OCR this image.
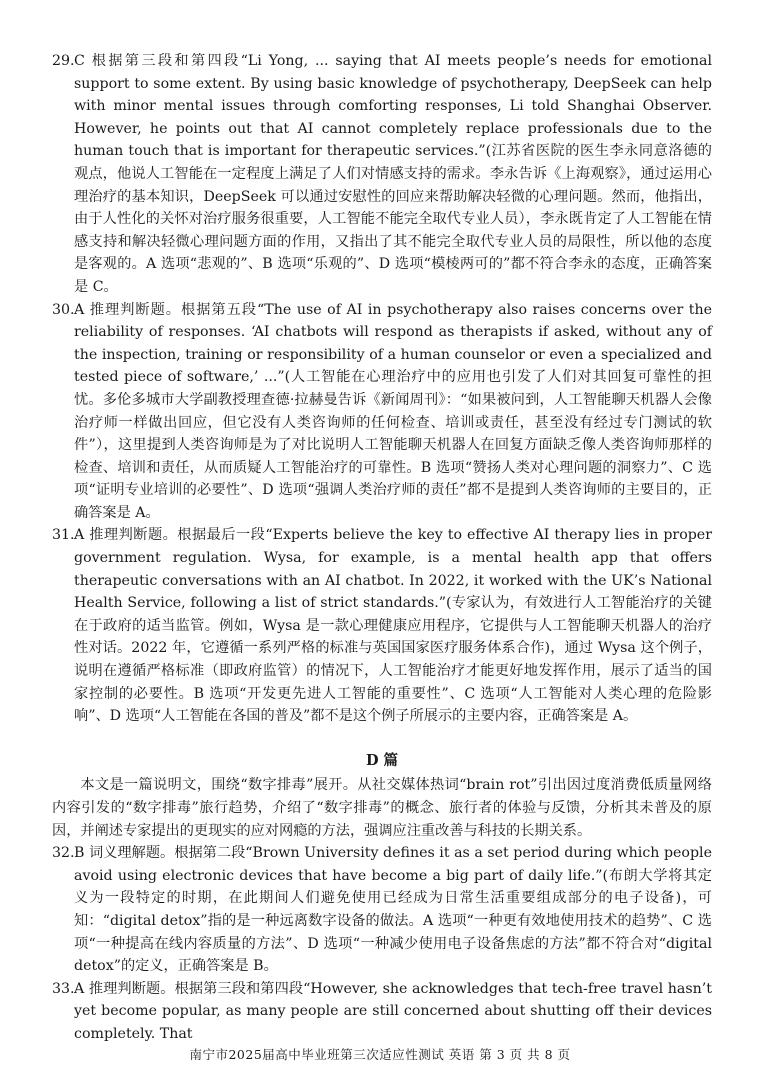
29. C 根据第三段和第四段“Li Yong, ... saying that AI meets people’s needs for emotional support to some extent. By using basic knowledge of psychotherapy, DeepSeek can help with minor mental issues through comforting responses, Li told Shanghai Observer. However, he points out that AI cannot completely replace professionals due to the human touch that is important for therapeutic services.”(江苏省医院的医生李永同意洛德的观点，他说人工智能在一定程度上满足了人们对情感支持的需求。李永告诉《上海观察》，通过运用心理治疗的基本知识，DeepSeek 可以通过安慰性的回应来帮助解决轻微的心理问题。然而，他指出，由于人性化的关怀对治疗服务很重要，人工智能不能完全取代专业人员），李永既肯定了人工智能在情感支持和解决轻微心理问题方面的作用，又指出了其不能完全取代专业人员的局限性，所以他的态度是客观的。A 选项“悲观的”、B 选项“乐观的”、D 选项“模棱两可的”都不符合李永的态度，正确答案是 C。
30. A 推理判断题。根据第五段“The use of AI in psychotherapy also raises concerns over the reliability of responses. ‘AI chatbots will respond as therapists if asked, without any of the inspection, training or responsibility of a human counselor or even a specialized and tested piece of software,’ ...”(人工智能在心理治疗中的应用也引发了人们对其回复可靠性的担忧。多伦多城市大学副教授理查德·拉赫曼告诉《新闻周刊》：“如果被问到，人工智能聊天机器人会像治疗师一样做出回应，但它没有人类咨询师的任何检查、培训或责任，甚至没有经过专门测试的软件”），这里提到人类咨询师是为了对比说明人工智能聊天机器人在回复方面缺乏像人类咨询师那样的检查、培训和责任，从而质疑人工智能治疗的可靠性。B 选项“赞扬人类对心理问题的洞察力”、C 选项“证明专业培训的必要性”、D 选项“强调人类治疗师的责任”都不是提到人类咨询师的主要目的，正确答案是 A。
31. A 推理判断题。根据最后一段“Experts believe the key to effective AI therapy lies in proper government regulation. Wysa, for example, is a mental health app that offers therapeutic conversations with an AI chatbot. In 2022, it worked with the UK’s National Health Service, following a list of strict standards.”(专家认为，有效进行人工智能治疗的关键在于政府的适当监管。例如，Wysa 是一款心理健康应用程序，它提供与人工智能聊天机器人的治疗性对话。2022 年，它遵循一系列严格的标准与英国国家医疗服务体系合作)，通过 Wysa 这个例子，说明在遵循严格标准（即政府监管）的情况下，人工智能治疗才能更好地发挥作用，展示了适当的国家控制的必要性。B 选项“开发更先进人工智能的重要性”、C 选项“人工智能对人类心理的危险影响”、D 选项“人工智能在各国的普及”都不是这个例子所展示的主要内容，正确答案是 A。
D 篇

本文是一篇说明文，围绕“数字排毒”展开。从社交媒体热词“brain rot”引出因过度消费低质量网络内容引发的“数字排毒”旅行趋势，介绍了“数字排毒”的概念、旅行者的体验与反馈，分析其未普及的原因，并阐述专家提出的更现实的应对网瘾的方法，强调应注重改善与科技的长期关系。

32. B 词义理解题。根据第二段“Brown University defines it as a set period during which people avoid using electronic devices that have become a big part of daily life.”(布朗大学将其定义为一段特定的时期，在此期间人们避免使用已经成为日常生活重要组成部分的电子设备)，可知：“digital detox”指的是一种远离数字设备的做法。A 选项“一种更有效地使用技术的趋势”、C 选项“一种提高在线内容质量的方法”、D 选项“一种减少使用电子设备焦虑的方法”都不符合对“digital detox”的定义，正确答案是 B。
33. A 推理判断题。根据第三段和第四段“However, she acknowledges that tech-free travel hasn’t yet become popular, as many people are still concerned about shutting off their devices completely. That
南宁市2025届高中毕业班第三次适应性测试 英语 第 3 页 共 8 页
